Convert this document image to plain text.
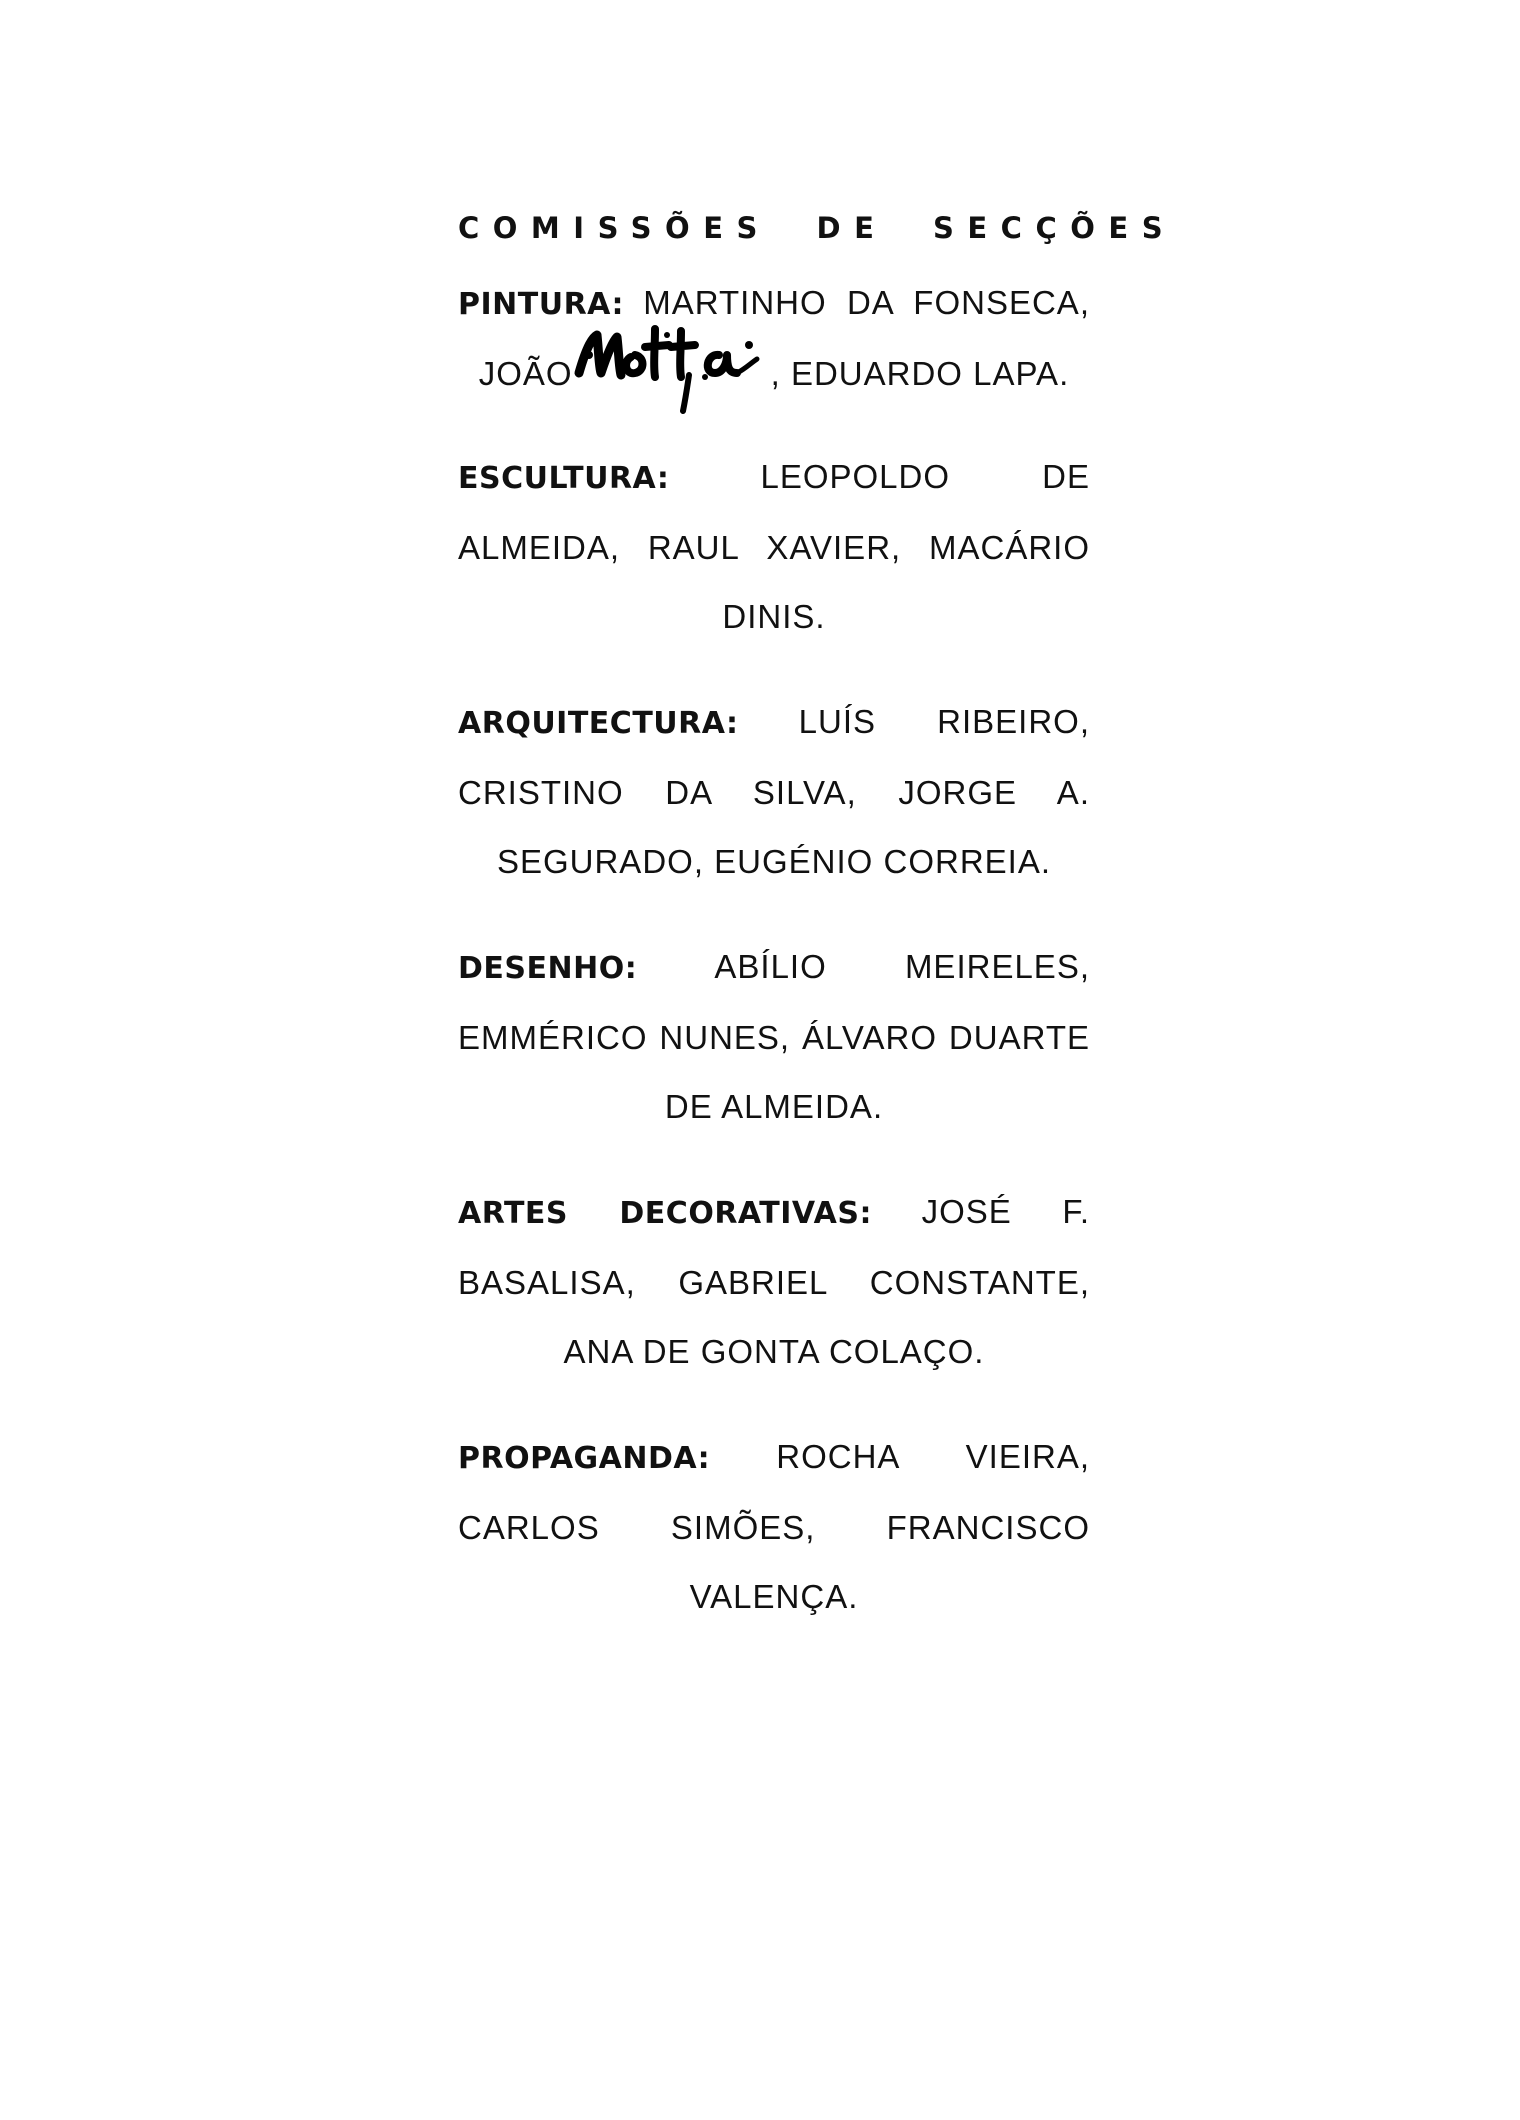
COMISSÕES DE SECÇÕES

PINTURA: MARTINHO DA FONSECA, JOÃO	, EDUARDO LAPA.

ESCULTURA:	LEOPOLDO DE ALMEIDA, RAUL XAVIER, MACÁRIO DINIS.

ARQUITECTURA: LUÍS RIBEIRO, CRISTINO DA SILVA, JORGE A. SEGURADO, EUGÉNIO CORREIA.

DESENHO: ABÍLIO MEIRELES, EMMÉRICO NUNES, ÁLVARO DUARTE DE ALMEIDA.

ARTES DECORATIVAS: JOSÉ F. BASALISA, GABRIEL CONSTANTE, ANA DE GONTA COLAÇO.

PROPAGANDA: ROCHA VIEIRA, CARLOS SIMÕES, FRANCISCO VALENÇA.
